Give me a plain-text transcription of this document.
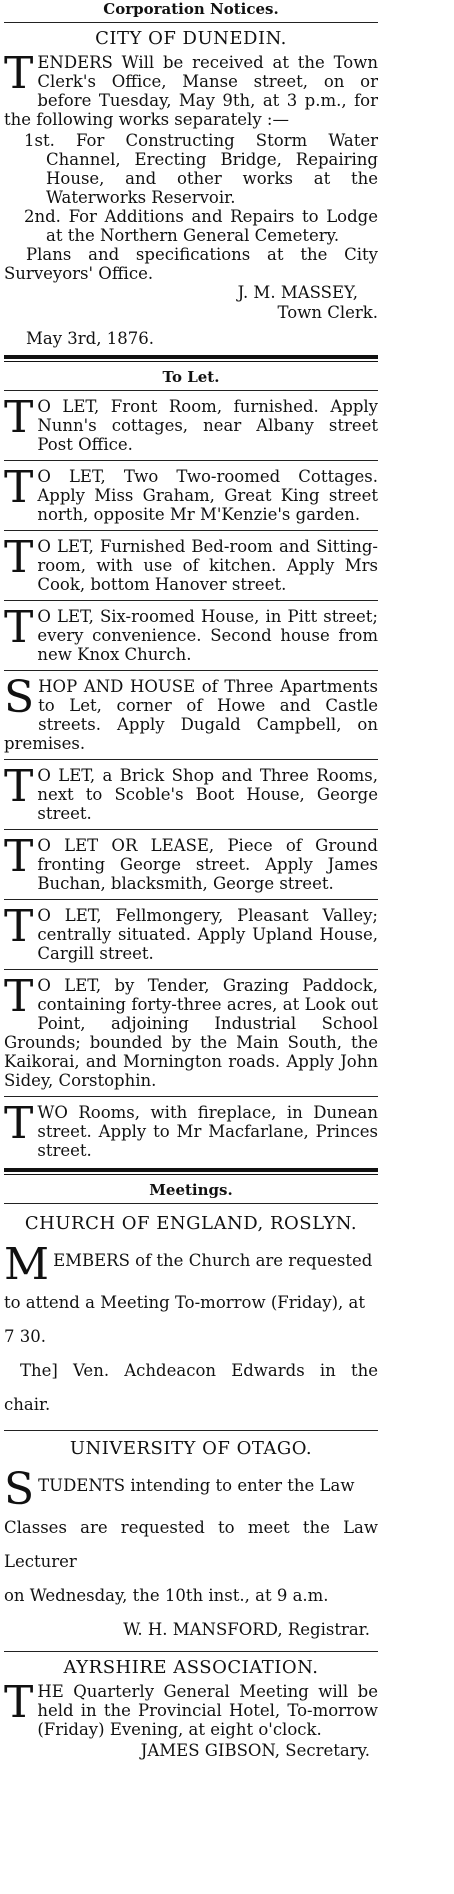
Corporation Notices.

CITY OF DUNEDIN.

T ENDERS Will be received at the Town Clerk's Office, Manse street, on or before Tuesday, May 9th, at 3 p.m., for the following works separately :—

1st. For Constructing Storm Water Channel, Erecting Bridge, Repairing House, and other works at the Waterworks Reservoir.

2nd. For Additions and Repairs to Lodge at the Northern General Cemetery.

Plans and specifications at the City Surveyors' Office.

J. M. MASSEY,

Town Clerk.

May 3rd, 1876.

To Let.

T O LET, Front Room, furnished. Apply Nunn's cottages, near Albany street Post Office.

T O LET, Two Two-roomed Cottages. Apply Miss Graham, Great King street north, opposite Mr M'Kenzie's garden.

T O LET, Furnished Bed-room and Sitting-room, with use of kitchen. Apply Mrs Cook, bottom Hanover street.

T O LET, Six-roomed House, in Pitt street; every convenience. Second house from new Knox Church.

S HOP AND HOUSE of Three Apartments to Let, corner of Howe and Castle streets. Apply Dugald Campbell, on premises.

T O LET, a Brick Shop and Three Rooms, next to Scoble's Boot House, George street.

T O LET OR LEASE, Piece of Ground fronting George street. Apply James Buchan, blacksmith, George street.

T O LET, Fellmongery, Pleasant Valley; centrally situated. Apply Upland House, Cargill street.

T O LET, by Tender, Grazing Paddock, containing forty-three acres, at Look out Point, adjoining Industrial School Grounds; bounded by the Main South, the Kaikorai, and Mornington roads. Apply John Sidey, Corstophin.

T WO Rooms, with fireplace, in Dunean street. Apply to Mr Macfarlane, Princes street.

Meetings.

CHURCH OF ENGLAND, ROSLYN.

M EMBERS of the Church are requested

to attend a Meeting To-morrow (Friday), at

7 30.

The] Ven. Achdeacon Edwards in the chair.

UNIVERSITY OF OTAGO.

S TUDENTS intending to enter the Law

Classes are requested to meet the Law Lecturer

on Wednesday, the 10th inst., at 9 a.m.

W. H. MANSFORD, Registrar.

AYRSHIRE ASSOCIATION.

T HE Quarterly General Meeting will be held in the Provincial Hotel, To-morrow (Friday) Evening, at eight o'clock.

JAMES GIBSON, Secretary.
